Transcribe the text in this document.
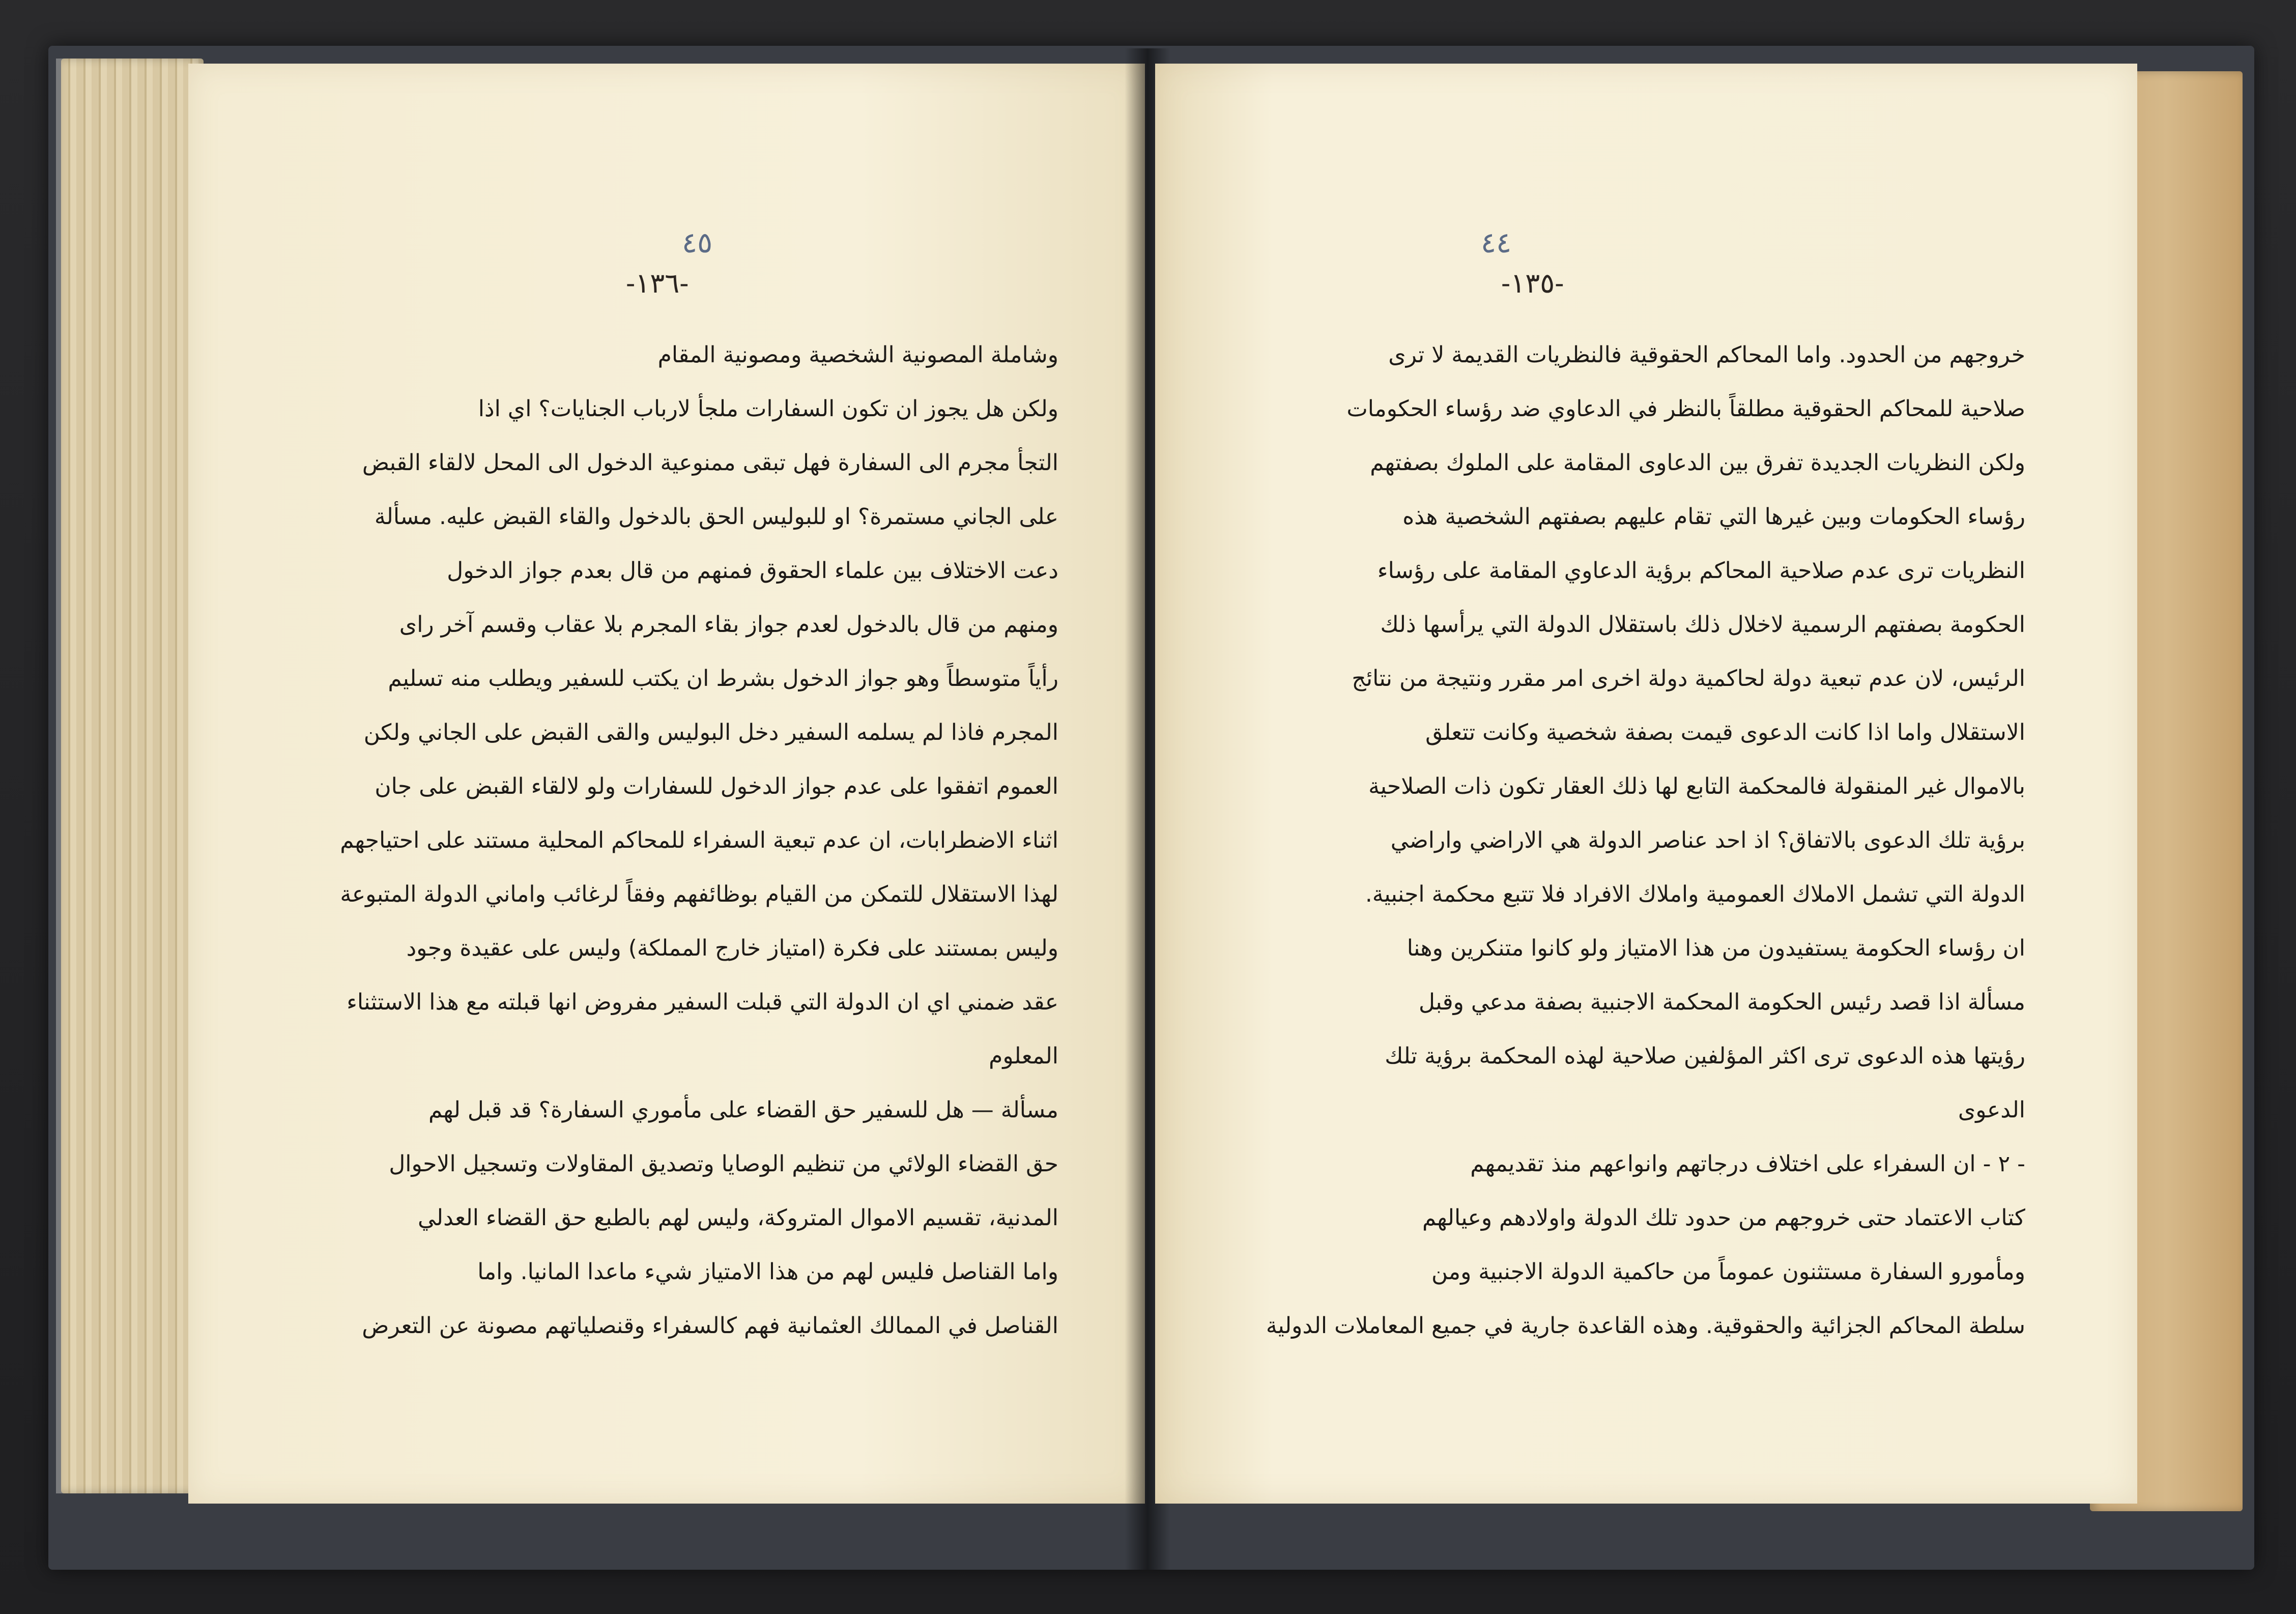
٤٥
-١٣٦-
وشاملة المصونية الشخصية ومصونية المقام
ولكن هل يجوز ان تكون السفارات ملجأ لارباب الجنايات؟ اي اذا
التجأ مجرم الى السفارة فهل تبقى ممنوعية الدخول الى المحل لالقاء القبض
على الجاني مستمرة؟ او للبوليس الحق بالدخول والقاء القبض عليه. مسألة
دعت الاختلاف بين علماء الحقوق فمنهم من قال بعدم جواز الدخول
ومنهم من قال بالدخول لعدم جواز بقاء المجرم بلا عقاب وقسم آخر راى
رأياً متوسطاً وهو جواز الدخول بشرط ان يكتب للسفير ويطلب منه تسليم
المجرم فاذا لم يسلمه السفير دخل البوليس والقى القبض على الجاني ولكن
العموم اتفقوا على عدم جواز الدخول للسفارات ولو لالقاء القبض على جان
اثناء الاضطرابات، ان عدم تبعية السفراء للمحاكم المحلية مستند على احتياجهم
لهذا الاستقلال للتمكن من القيام بوظائفهم وفقاً لرغائب واماني الدولة المتبوعة
وليس بمستند على فكرة (امتياز خارج المملكة) وليس على عقيدة وجود
عقد ضمني اي ان الدولة التي قبلت السفير مفروض انها قبلته مع هذا الاستثناء
المعلوم
مسألة — هل للسفير حق القضاء على مأموري السفارة؟ قد قبل لهم
حق القضاء الولائي من تنظيم الوصايا وتصديق المقاولات وتسجيل الاحوال
المدنية، تقسيم الاموال المتروكة، وليس لهم بالطبع حق القضاء العدلي
واما القناصل فليس لهم من هذا الامتياز شيء ماعدا المانيا. واما
القناصل في الممالك العثمانية فهم كالسفراء وقنصلياتهم مصونة عن التعرض
٤٤
-١٣٥-
خروجهم من الحدود. واما المحاكم الحقوقية فالنظريات القديمة لا ترى
صلاحية للمحاكم الحقوقية مطلقاً بالنظر في الدعاوي ضد رؤساء الحكومات
ولكن النظريات الجديدة تفرق بين الدعاوى المقامة على الملوك بصفتهم
رؤساء الحكومات وبين غيرها التي تقام عليهم بصفتهم الشخصية هذه
النظريات ترى عدم صلاحية المحاكم برؤية الدعاوي المقامة على رؤساء
الحكومة بصفتهم الرسمية لاخلال ذلك باستقلال الدولة التي يرأسها ذلك
الرئيس، لان عدم تبعية دولة لحاكمية دولة اخرى امر مقرر ونتيجة من نتائج
الاستقلال واما اذا كانت الدعوى قيمت بصفة شخصية وكانت تتعلق
بالاموال غير المنقولة فالمحكمة التابع لها ذلك العقار تكون ذات الصلاحية
برؤية تلك الدعوى بالاتفاق؟ اذ احد عناصر الدولة هي الاراضي واراضي
الدولة التي تشمل الاملاك العمومية واملاك الافراد فلا تتبع محكمة اجنبية.
ان رؤساء الحكومة يستفيدون من هذا الامتياز ولو كانوا متنكرين وهنا
مسألة اذا قصد رئيس الحكومة المحكمة الاجنبية بصفة مدعي وقبل
رؤيتها هذه الدعوى ترى اكثر المؤلفين صلاحية لهذه المحكمة برؤية تلك
الدعوى
- ٢ - ان السفراء على اختلاف درجاتهم وانواعهم منذ تقديمهم
كتاب الاعتماد حتى خروجهم من حدود تلك الدولة واولادهم وعيالهم
ومأمورو السفارة مستثنون عموماً من حاكمية الدولة الاجنبية ومن
سلطة المحاكم الجزائية والحقوقية. وهذه القاعدة جارية في جميع المعاملات الدولية
